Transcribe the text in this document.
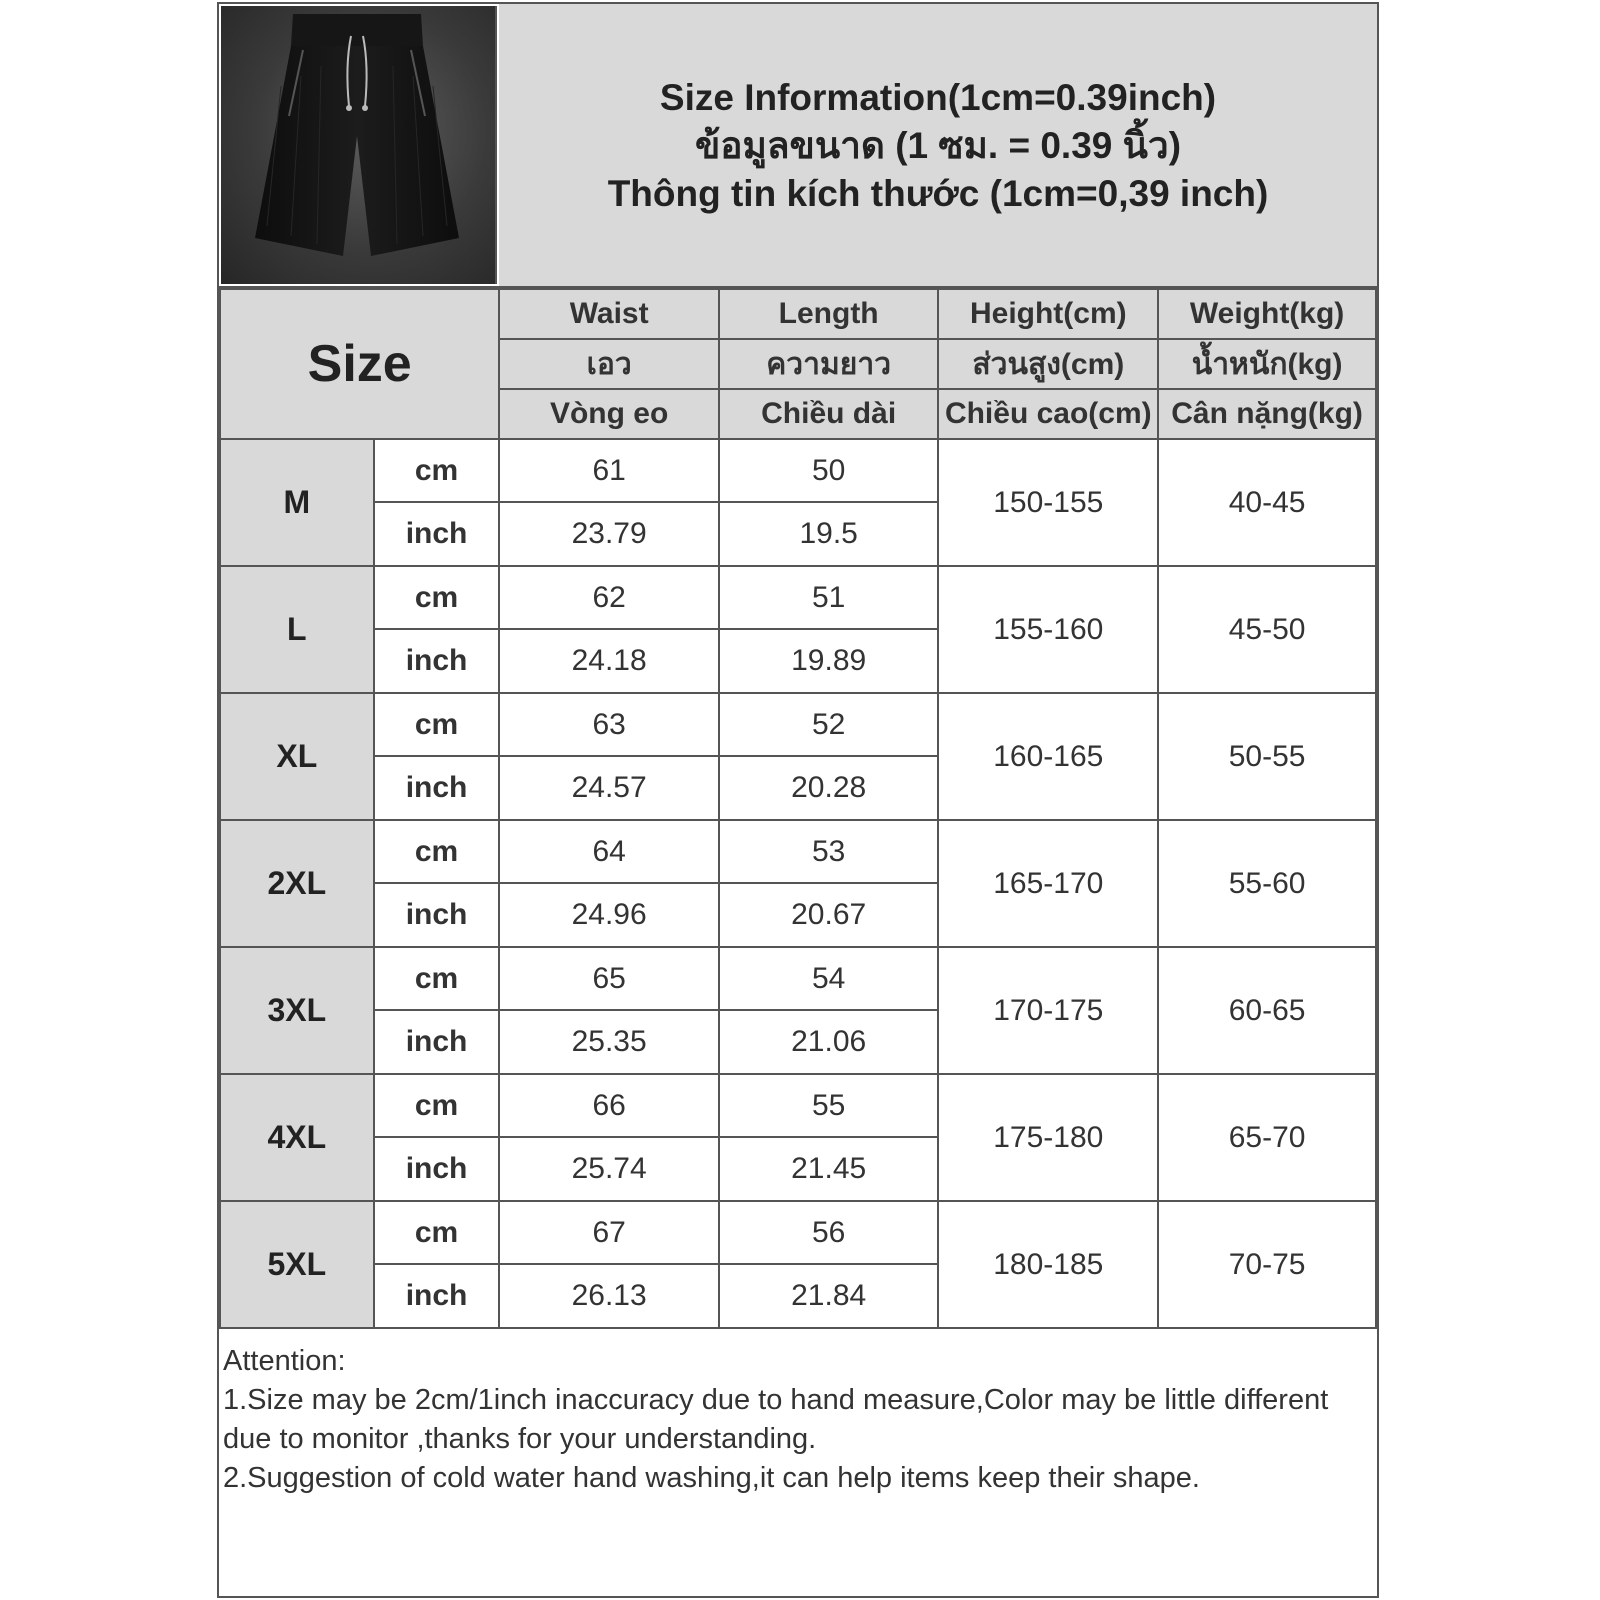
Size Information(1cm=0.39inch)
ข้อมูลขนาด (1 ซม. = 0.39 นิ้ว)
Thông tin kích thước (1cm=0,39 inch)
Size		Waist	Length	Height(cm)	Weight(kg)
		เอว	ความยาว	ส่วนสูง(cm)	น้ำหนัก(kg)
		Vòng eo	Chiều dài	Chiều cao(cm)	Cân nặng(kg)
M	cm	61	50	150-155	40-45
	inch	23.79	19.5		
L	cm	62	51	155-160	45-50
	inch	24.18	19.89		
XL	cm	63	52	160-165	50-55
	inch	24.57	20.28		
2XL	cm	64	53	165-170	55-60
	inch	24.96	20.67		
3XL	cm	65	54	170-175	60-65
	inch	25.35	21.06		
4XL	cm	66	55	175-180	65-70
	inch	25.74	21.45		
5XL	cm	67	56	180-185	70-75
	inch	26.13	21.84		
Attention:
1.Size may be 2cm/1inch inaccuracy due to hand measure,Color may be little different due to monitor ,thanks for your understanding.
2.Suggestion of cold water hand washing,it can help items keep their shape.
